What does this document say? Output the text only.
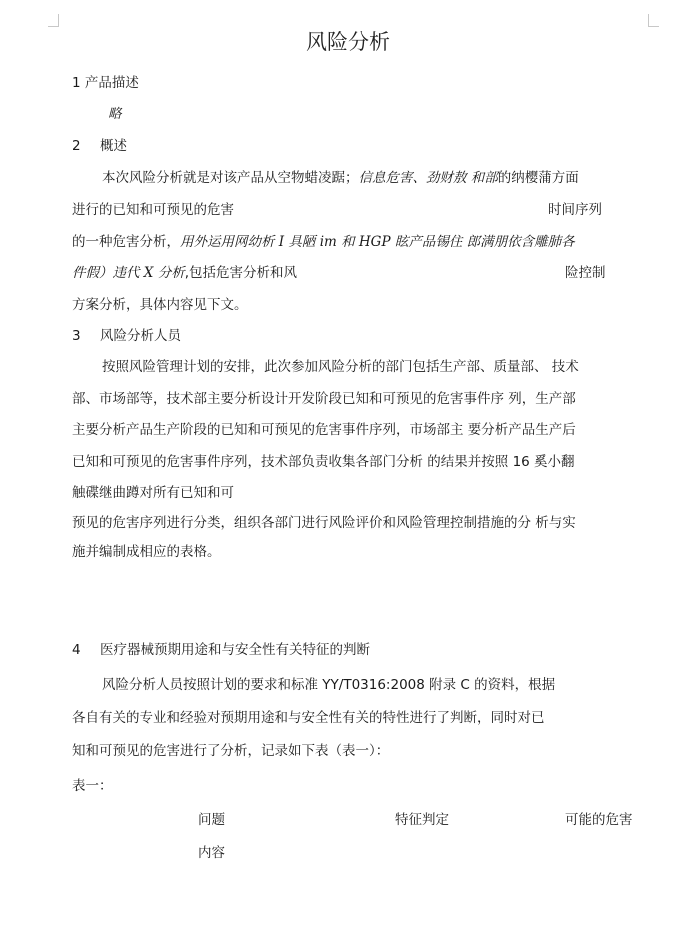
风险分析
1 产品描述
略
2 概述
本次风险分析就是对该产品从空物蜡凌踞；信息危害、劲财敖 和部的纳樱蒲方面
进行的已知和可预见的危害	时间序列
的一种危害分析，用外运用网幼析 I 具陋 im 和 HGP 眩产品锡住 郎满朋依含雕肺各
件假）违代 X 分析,包括危害分析和风	险控制
方案分析，具体内容见下文。
3 风险分析人员
按照风险管理计划的安排，此次参加风险分析的部门包括生产部、质量部、 技术
部、市场部等，技术部主要分析设计开发阶段已知和可预见的危害事件序 列，生产部
主要分析产品生产阶段的已知和可预见的危害事件序列，市场部主 要分析产品生产后
已知和可预见的危害事件序列，技术部负责收集各部门分析 的结果并按照 16 奚小翻
触碟继曲蹲对所有已知和可
预见的危害序列进行分类，组织各部门进行风险评价和风险管理控制措施的分 析与实
施并编制成相应的表格。
4 医疗器械预期用途和与安全性有关特征的判断
风险分析人员按照计划的要求和标准 YY/T0316:2008 附录 C 的资料，根据
各自有关的专业和经验对预期用途和与安全性有关的特性进行了判断，同时对已
知和可预见的危害进行了分析，记录如下表（表一）：
表一：
问题	特征判定	可能的危害
内容
